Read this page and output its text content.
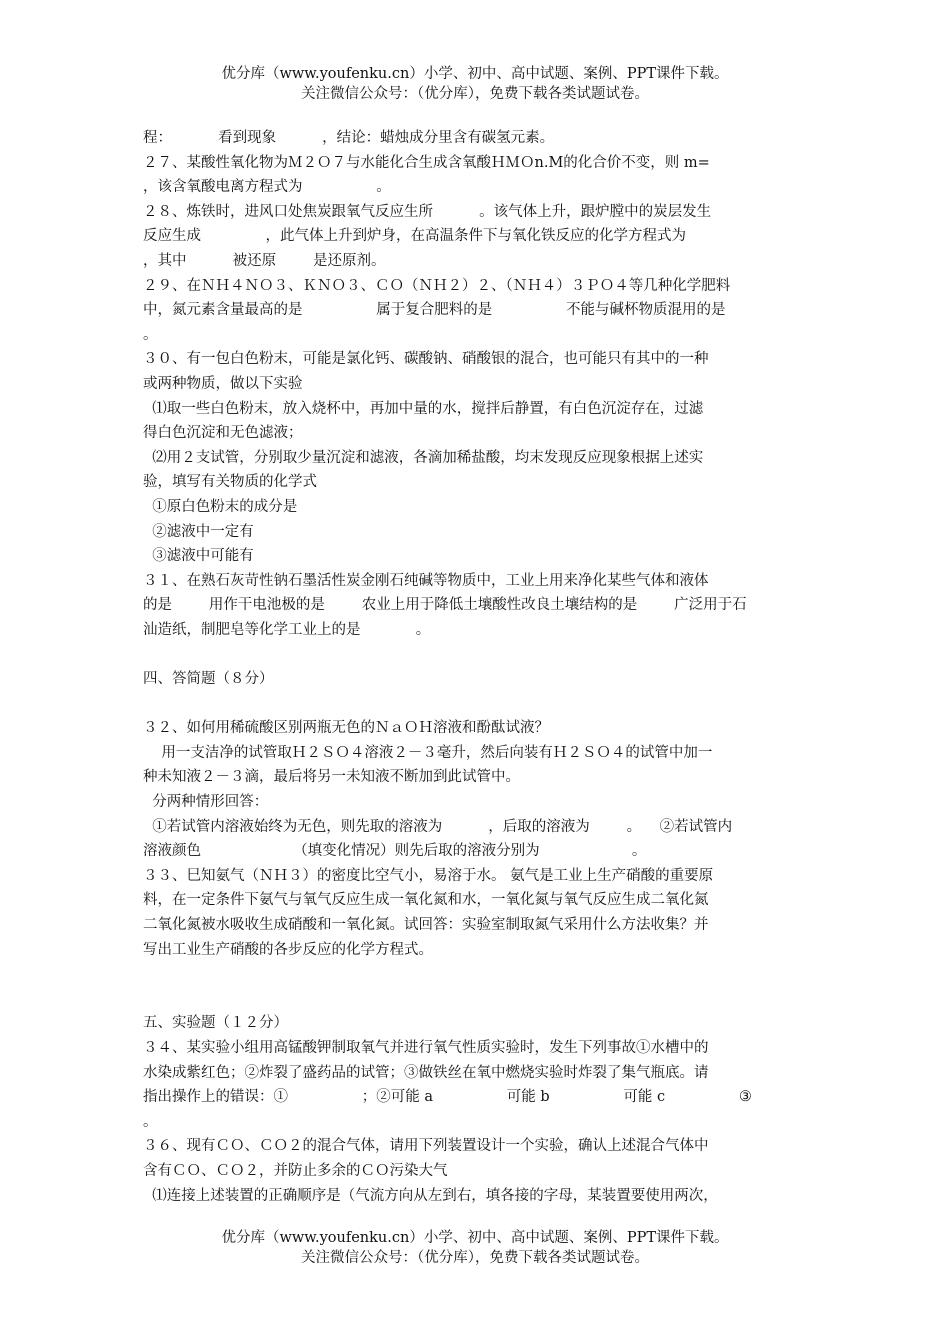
优分库（www.youfenku.cn）小学、初中、高中试题、案例、PPT课件下载。
关注微信公众号：（优分库），免费下载各类试题试卷。
程：          看到现象          ，结论：蜡烛成分里含有碳氢元素。
２７、某酸性氧化物为Ｍ２Ｏ７与水能化合生成含氧酸ＨＭＯn.M的化合价不变，则 m=
，该含氧酸电离方程式为                。
２８、炼铁时，进风口处焦炭跟氧气反应生所          。该气体上升，跟炉膛中的炭层发生
反应生成              ，此气体上升到炉身，在高温条件下与氧化铁反应的化学方程式为
，其中          被还原        是还原剂。
２９、在ＮＨ４ＮＯ３、ＫＮＯ３、ＣＯ（ＮＨ２）２、（ＮＨ４）３ＰＯ４等几种化学肥料
中，氮元素含量最高的是                属于复合肥料的是                不能与碱杯物质混用的是
。
３０、有一包白色粉末，可能是氯化钙、碳酸钠、硝酸银的混合，也可能只有其中的一种
或两种物质，做以下实验
⑴取一些白色粉末，放入烧杯中，再加中量的水，搅拌后静置，有白色沉淀存在，过滤
得白色沉淀和无色滤液；
⑵用２支试管，分别取少量沉淀和滤液，各滴加稀盐酸，均末发现反应现象根据上述实
验，填写有关物质的化学式
①原白色粉末的成分是
②滤液中一定有
③滤液中可能有
３１、在熟石灰苛性钠石墨活性炭金刚石纯碱等物质中，工业上用来净化某些气体和液体
的是        用作干电池极的是        农业上用于降低土壤酸性改良土壤结构的是        广泛用于石
汕造纸，制肥皂等化学工业上的是            。
四、答简题（８分）
３２、如何用稀硫酸区别两瓶无色的ＮａＯＨ溶液和酚酞试液？
用一支洁净的试管取Ｈ２ＳＯ４溶液２－３毫升，然后向装有Ｈ２ＳＯ４的试管中加一
种未知液２－３滴，最后将另一未知液不断加到此试管中。
分两种情形回答：
①若试管内溶液始终为无色，则先取的溶液为          ，后取的溶液为        。    ②若试管内
溶液颜色                    （填变化情况）则先后取的溶液分别为                    。
３３、巳知氨气（ＮＨ３）的密度比空气小，易溶于水。 氨气是工业上生产硝酸的重要原
料，在一定条件下氨气与氧气反应生成一氧化氮和水，一氧化氮与氧气反应生成二氧化氮
二氧化氮被水吸收生成硝酸和一氧化氮。试回答：实验室制取氮气采用什么方法收集？并
写出工业生产硝酸的各步反应的化学方程式。
五、实验题（１２分）
３４、某实验小组用高锰酸钾制取氧气并进行氧气性质实验时，发生下列事故①水槽中的
水染成紫红色；②炸裂了盛药品的试管；③做铁丝在氧中燃烧实验时炸裂了集气瓶底。请
指出操作上的错误：①                ；②可能 a                可能 b                可能 c                ③
。
３６、现有ＣＯ、ＣＯ２的混合气体，请用下列装置设计一个实验，确认上述混合气体中
含有ＣＯ、ＣＯ２，并防止多余的ＣＯ污染大气
⑴连接上述装置的正确顺序是（气流方向从左到右，填各接的字母，某装置要使用两次，
优分库（www.youfenku.cn）小学、初中、高中试题、案例、PPT课件下载。
关注微信公众号：（优分库），免费下载各类试题试卷。
